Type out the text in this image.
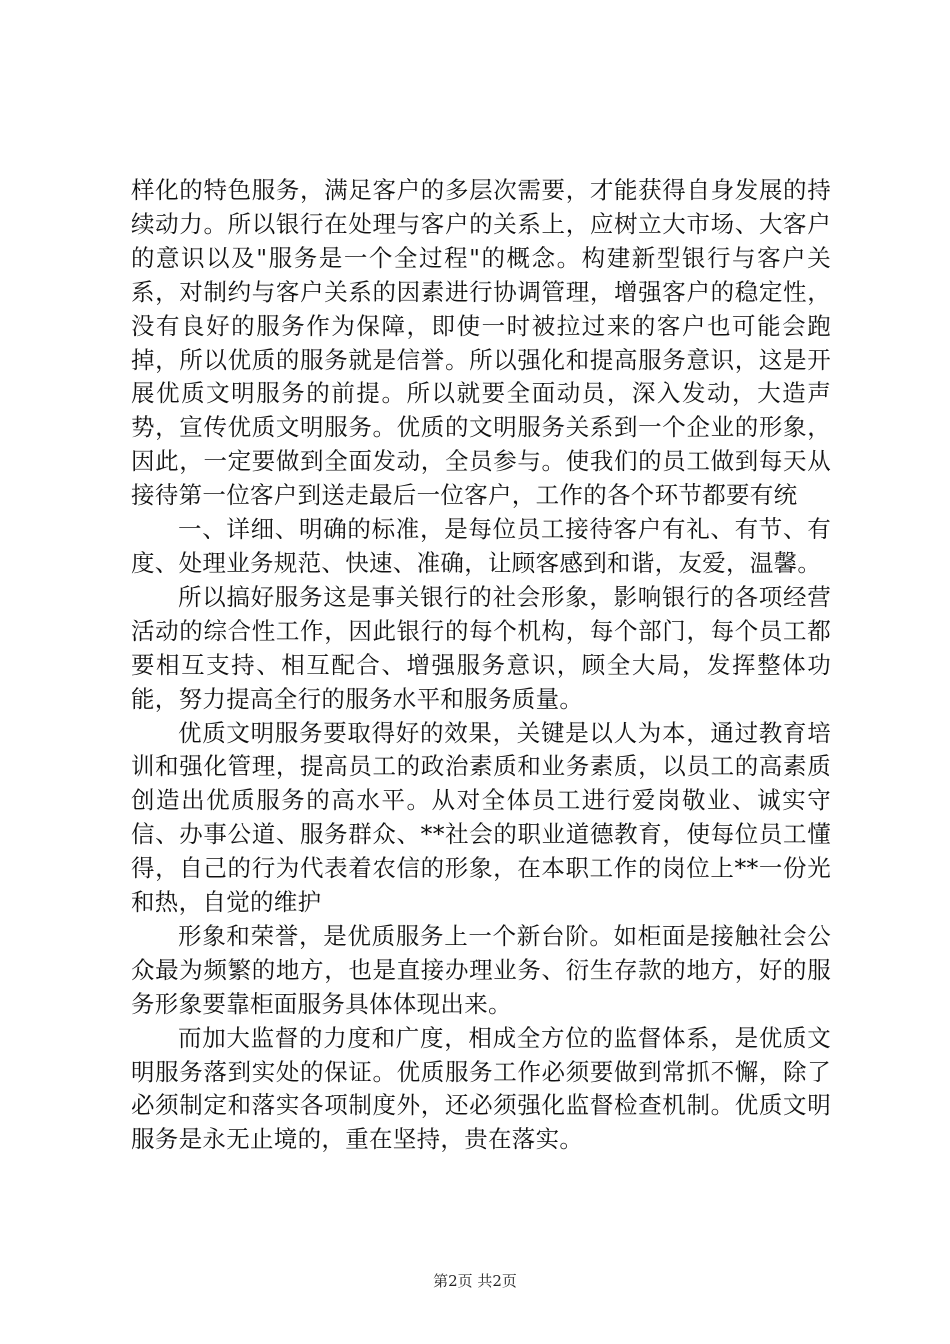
样化的特色服务，满足客户的多层次需要，才能获得自身发展的持续动力。所以银行在处理与客户的关系上，应树立大市场、大客户的意识以及"服务是一个全过程"的概念。构建新型银行与客户关系，对制约与客户关系的因素进行协调管理，增强客户的稳定性，没有良好的服务作为保障，即使一时被拉过来的客户也可能会跑掉，所以优质的服务就是信誉。所以强化和提高服务意识，这是开展优质文明服务的前提。所以就要全面动员，深入发动，大造声势，宣传优质文明服务。优质的文明服务关系到一个企业的形象，因此，一定要做到全面发动，全员参与。使我们的员工做到每天从接待第一位客户到送走最后一位客户，工作的各个环节都要有统

一、详细、明确的标准，是每位员工接待客户有礼、有节、有度、处理业务规范、快速、准确，让顾客感到和谐，友爱，温馨。

所以搞好服务这是事关银行的社会形象，影响银行的各项经营活动的综合性工作，因此银行的每个机构，每个部门，每个员工都要相互支持、相互配合、增强服务意识，顾全大局，发挥整体功能，努力提高全行的服务水平和服务质量。

优质文明服务要取得好的效果，关键是以人为本，通过教育培训和强化管理，提高员工的政治素质和业务素质，以员工的高素质创造出优质服务的高水平。从对全体员工进行爱岗敬业、诚实守信、办事公道、服务群众、**社会的职业道德教育，使每位员工懂得，自己的行为代表着农信的形象，在本职工作的岗位上**一份光和热，自觉的维护

形象和荣誉，是优质服务上一个新台阶。如柜面是接触社会公众最为频繁的地方，也是直接办理业务、衍生存款的地方，好的服务形象要靠柜面服务具体体现出来。

而加大监督的力度和广度，相成全方位的监督体系，是优质文明服务落到实处的保证。优质服务工作必须要做到常抓不懈，除了必须制定和落实各项制度外，还必须强化监督检查机制。优质文明服务是永无止境的，重在坚持，贵在落实。

第2页 共2页
